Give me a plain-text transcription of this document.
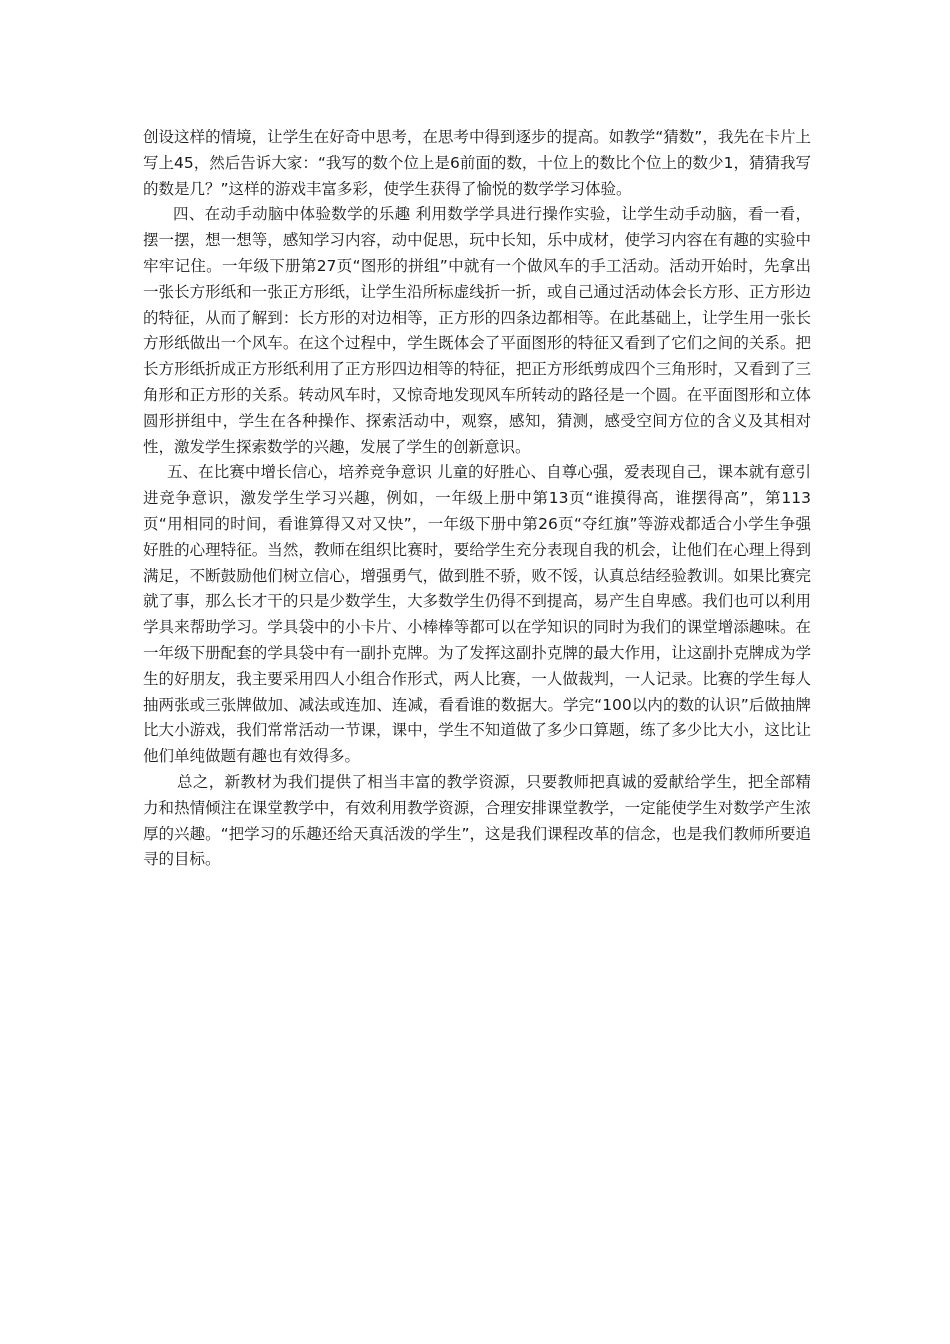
创设这样的情境，让学生在好奇中思考，在思考中得到逐步的提高。如教学“猜数”，我先在卡片上写上45，然后告诉大家：“我写的数个位上是6前面的数，十位上的数比个位上的数少1，猜猜我写的数是几？”这样的游戏丰富多彩，使学生获得了愉悦的数学学习体验。

四、在动手动脑中体验数学的乐趣 利用数学学具进行操作实验，让学生动手动脑，看一看，摆一摆，想一想等，感知学习内容，动中促思，玩中长知，乐中成材，使学习内容在有趣的实验中牢牢记住。一年级下册第27页“图形的拼组”中就有一个做风车的手工活动。活动开始时，先拿出一张长方形纸和一张正方形纸，让学生沿所标虚线折一折，或自己通过活动体会长方形、正方形边的特征，从而了解到：长方形的对边相等，正方形的四条边都相等。在此基础上，让学生用一张长方形纸做出一个风车。在这个过程中，学生既体会了平面图形的特征又看到了它们之间的关系。把长方形纸折成正方形纸利用了正方形四边相等的特征，把正方形纸剪成四个三角形时，又看到了三角形和正方形的关系。转动风车时，又惊奇地发现风车所转动的路径是一个圆。在平面图形和立体圆形拼组中，学生在各种操作、探索活动中，观察，感知，猜测，感受空间方位的含义及其相对性，激发学生探索数学的兴趣，发展了学生的创新意识。

五、在比赛中增长信心，培养竞争意识 儿童的好胜心、自尊心强，爱表现自己，课本就有意引进竞争意识，激发学生学习兴趣，例如，一年级上册中第13页“谁摸得高，谁摆得高”，第113页“用相同的时间，看谁算得又对又快”，一年级下册中第26页“夺红旗”等游戏都适合小学生争强好胜的心理特征。当然，教师在组织比赛时，要给学生充分表现自我的机会，让他们在心理上得到满足，不断鼓励他们树立信心，增强勇气，做到胜不骄，败不馁，认真总结经验教训。如果比赛完就了事，那么长才干的只是少数学生，大多数学生仍得不到提高，易产生自卑感。我们也可以利用学具来帮助学习。学具袋中的小卡片、小棒棒等都可以在学知识的同时为我们的课堂增添趣味。在一年级下册配套的学具袋中有一副扑克牌。为了发挥这副扑克牌的最大作用，让这副扑克牌成为学生的好朋友，我主要采用四人小组合作形式，两人比赛，一人做裁判，一人记录。比赛的学生每人抽两张或三张牌做加、减法或连加、连减，看看谁的数据大。学完“100以内的数的认识”后做抽牌比大小游戏，我们常常活动一节课，课中，学生不知道做了多少口算题，练了多少比大小，这比让他们单纯做题有趣也有效得多。

总之，新教材为我们提供了相当丰富的教学资源，只要教师把真诚的爱献给学生，把全部精力和热情倾注在课堂教学中，有效利用教学资源，合理安排课堂教学，一定能使学生对数学产生浓厚的兴趣。“把学习的乐趣还给天真活泼的学生”，这是我们课程改革的信念，也是我们教师所要追寻的目标。
